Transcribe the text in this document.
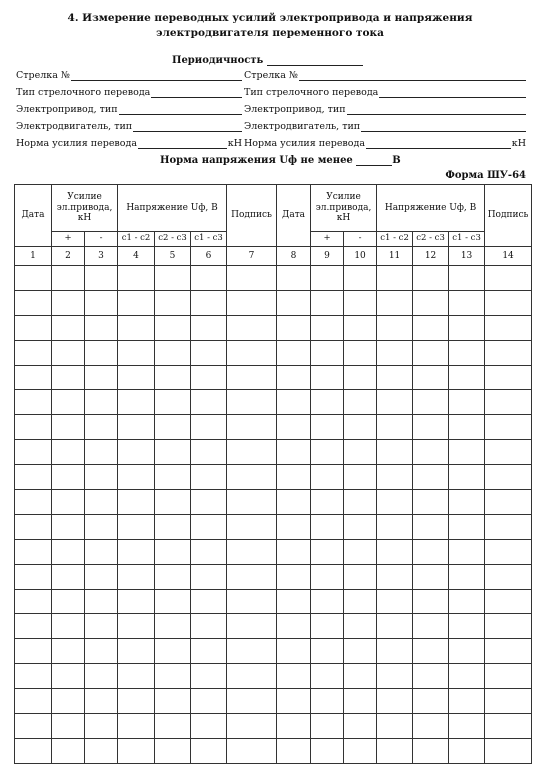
4. Измерение переводных усилий электропривода и напряжения
электродвигателя переменного тока
Периодичность
Стрелка №
Тип стрелочного перевода
Электропривод, тип
Электродвигатель, тип
Норма усилия перевода	кН
Стрелка №
Тип стрелочного перевода
Электропривод, тип
Электродвигатель, тип
Норма усилия перевода	кН
Норма напряжения Uф не менее	В
Форма ШУ-64
Дата	Усилие эл.привода, кН		Напряжение Uф, В			Подпись	Дата	Усилие эл.привода, кН		Напряжение Uф, В			Подпись
	+	-	с1 - с2	с2 - с3	с1 - с3			+	-	с1 - с2	с2 - с3	с1 - с3	
1	2	3	4	5	6	7	8	9	10	11	12	13	14
